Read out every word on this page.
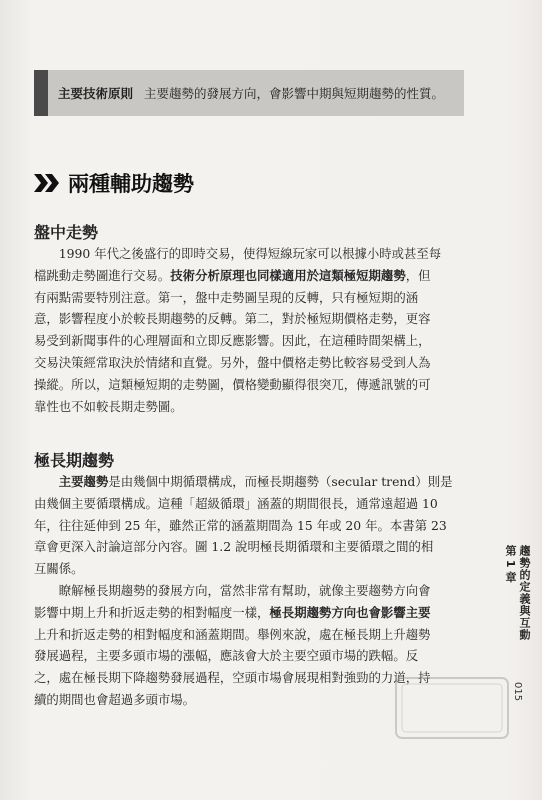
主要技術原則 主要趨勢的發展方向，會影響中期與短期趨勢的性質。
兩種輔助趨勢
盤中走勢
　　1990 年代之後盛行的即時交易，使得短線玩家可以根據小時或甚至每
檔跳動走勢圖進行交易。技術分析原理也同樣適用於這類極短期趨勢，但
有兩點需要特別注意。第一，盤中走勢圖呈現的反轉，只有極短期的涵
意，影響程度小於較長期趨勢的反轉。第二，對於極短期價格走勢，更容
易受到新聞事件的心理層面和立即反應影響。因此，在這種時間架構上，
交易決策經常取決於情緒和直覺。另外，盤中價格走勢比較容易受到人為
操縱。所以，這類極短期的走勢圖，價格變動顯得很突兀，傳遞訊號的可
靠性也不如較長期走勢圖。
極長期趨勢
　　主要趨勢是由幾個中期循環構成，而極長期趨勢（secular trend）則是
由幾個主要循環構成。這種「超級循環」涵蓋的期間很長，通常遠超過 10
年，往往延伸到 25 年，雖然正常的涵蓋期間為 15 年或 20 年。本書第 23
章會更深入討論這部分內容。圖 1.2 說明極長期循環和主要循環之間的相
互關係。
　　瞭解極長期趨勢的發展方向，當然非常有幫助，就像主要趨勢方向會
影響中期上升和折返走勢的相對幅度一樣，極長期趨勢方向也會影響主要
上升和折返走勢的相對幅度和涵蓋期間。舉例來說，處在極長期上升趨勢
發展過程，主要多頭市場的漲幅，應該會大於主要空頭市場的跌幅。反
之，處在極長期下降趨勢發展過程，空頭市場會展現相對強勁的力道，持
續的期間也會超過多頭市場。
第 1 章 趨勢的定義與互動
015
